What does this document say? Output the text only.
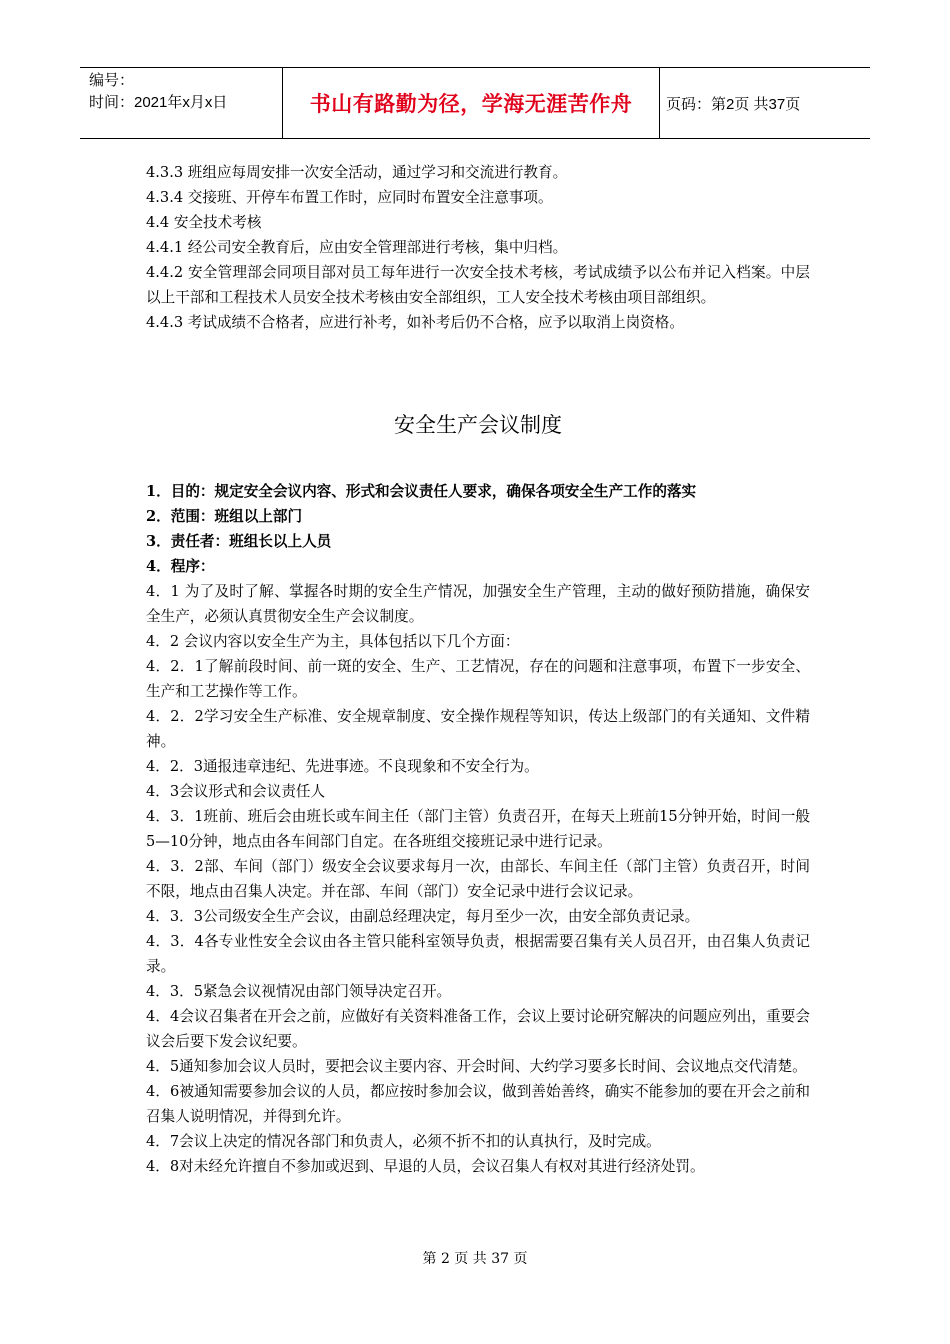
编号：
时间：2021年x月x日	书山有路勤为径，学海无涯苦作舟	页码：第2页 共37页

4.3.3 班组应每周安排一次安全活动，通过学习和交流进行教育。

4.3.4 交接班、开停车布置工作时，应同时布置安全注意事项。

4.4 安全技术考核

4.4.1 经公司安全教育后，应由安全管理部进行考核，集中归档。

4.4.2 安全管理部会同项目部对员工每年进行一次安全技术考核，考试成绩予以公布并记入档案。中层以上干部和工程技术人员安全技术考核由安全部组织，工人安全技术考核由项目部组织。

4.4.3 考试成绩不合格者，应进行补考，如补考后仍不合格，应予以取消上岗资格。

安全生产会议制度

1．目的：规定安全会议内容、形式和会议责任人要求，确保各项安全生产工作的落实

2．范围：班组以上部门

3．责任者：班组长以上人员

4．程序：

4．1 为了及时了解、掌握各时期的安全生产情况，加强安全生产管理，主动的做好预防措施，确保安全生产，必须认真贯彻安全生产会议制度。

4．2 会议内容以安全生产为主，具体包括以下几个方面：

4．2．1了解前段时间、前一斑的安全、生产、工艺情况，存在的问题和注意事项，布置下一步安全、生产和工艺操作等工作。

4．2．2学习安全生产标准、安全规章制度、安全操作规程等知识，传达上级部门的有关通知、文件精神。

4．2．3通报违章违纪、先进事迹。不良现象和不安全行为。

4．3会议形式和会议责任人

4．3．1班前、班后会由班长或车间主任（部门主管）负责召开，在每天上班前15分钟开始，时间一般5—10分钟，地点由各车间部门自定。在各班组交接班记录中进行记录。

4．3．2部、车间（部门）级安全会议要求每月一次，由部长、车间主任（部门主管）负责召开，时间不限，地点由召集人决定。并在部、车间（部门）安全记录中进行会议记录。

4．3．3公司级安全生产会议，由副总经理决定，每月至少一次，由安全部负责记录。

4．3．4各专业性安全会议由各主管只能科室领导负责，根据需要召集有关人员召开，由召集人负责记录。

4．3．5紧急会议视情况由部门领导决定召开。

4．4会议召集者在开会之前，应做好有关资料准备工作，会议上要讨论研究解决的问题应列出，重要会议会后要下发会议纪要。

4．5通知参加会议人员时，要把会议主要内容、开会时间、大约学习要多长时间、会议地点交代清楚。

4．6被通知需要参加会议的人员，都应按时参加会议，做到善始善终，确实不能参加的要在开会之前和召集人说明情况，并得到允许。

4．7会议上决定的情况各部门和负责人，必须不折不扣的认真执行，及时完成。

4．8对未经允许擅自不参加或迟到、早退的人员，会议召集人有权对其进行经济处罚。

第 2 页 共 37 页
